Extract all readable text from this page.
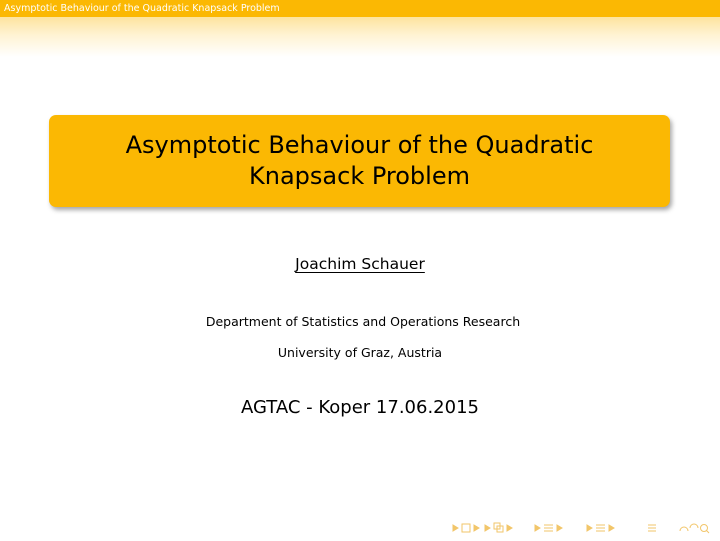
Asymptotic Behaviour of the Quadratic Knapsack Problem
Asymptotic Behaviour of the Quadratic Knapsack Problem
Joachim Schauer
Department of Statistics and Operations Research
University of Graz, Austria
AGTAC - Koper 17.06.2015
